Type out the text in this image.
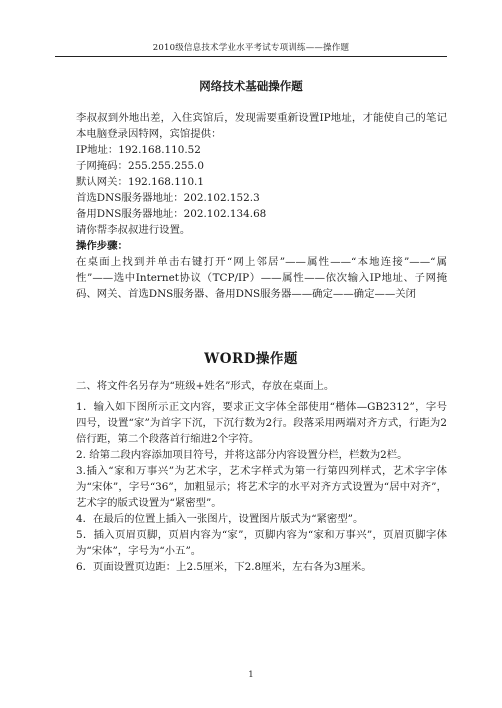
2010级信息技术学业水平考试专项训练——操作题
网络技术基础操作题

李叔叔到外地出差，入住宾馆后，发现需要重新设置IP地址，才能使自己的笔记本电脑登录因特网，宾馆提供：

IP地址：192.168.110.52
子网掩码：255.255.255.0
默认网关：192.168.110.1
首选DNS服务器地址：202.102.152.3
备用DNS服务器地址：202.102.134.68
请你帮李叔叔进行设置。
操作步骤：

在桌面上找到并单击右键打开“网上邻居”——属性——“本地连接”——“属性”——选中Internet协议（TCP/IP）——属性——依次输入IP地址、子网掩码、网关、首选DNS服务器、备用DNS服务器——确定——确定——关闭

WORD操作题

二、将文件名另存为“班级+姓名”形式，存放在桌面上。

1．输入如下图所示正文内容，要求正文字体全部使用“楷体—GB2312”，字号四号，设置“家”为首字下沉，下沉行数为2行。段落采用两端对齐方式，行距为2倍行距，第二个段落首行缩进2个字符。

2. 给第二段内容添加项目符号，并将这部分内容设置分栏，栏数为2栏。

3.插入“家和万事兴”为艺术字，艺术字样式为第一行第四列样式，艺术字字体为“宋体”，字号“36”，加粗显示；将艺术字的水平对齐方式设置为“居中对齐”，艺术字的版式设置为“紧密型”。

4．在最后的位置上插入一张图片，设置图片版式为“紧密型”。

5．插入页眉页脚，页眉内容为“家”，页脚内容为“家和万事兴”，页眉页脚字体为“宋体”，字号为“小五”。

6．页面设置页边距：上2.5厘米，下2.8厘米，左右各为3厘米。

1
